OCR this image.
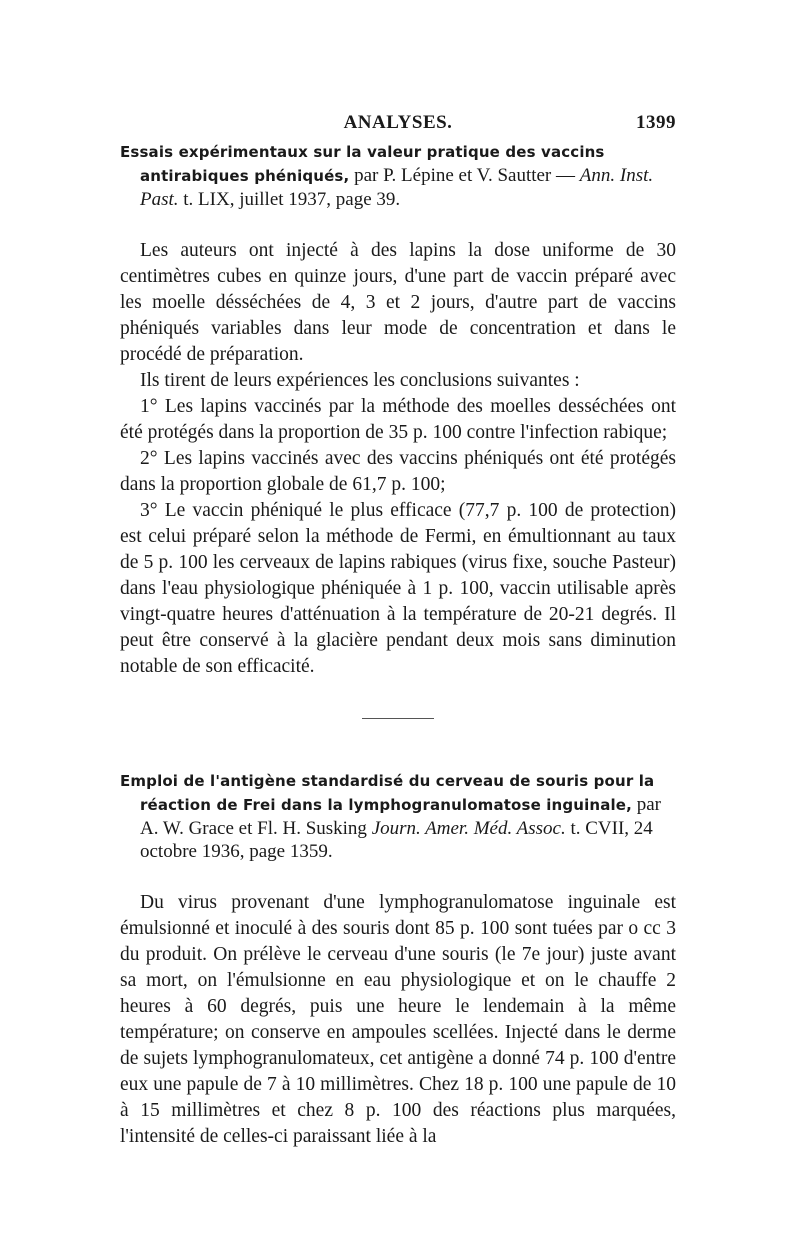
ANALYSES.	1399

Essais expérimentaux sur la valeur pratique des vaccins antirabiques phéniqués, par P. Lépine et V. Sautter — Ann. Inst. Past. t. LIX, juillet 1937, page 39.

Les auteurs ont injecté à des lapins la dose uniforme de 30 centimètres cubes en quinze jours, d'une part de vaccin préparé avec les moelle désséchées de 4, 3 et 2 jours, d'autre part de vaccins phéniqués variables dans leur mode de concentration et dans le procédé de préparation.

Ils tirent de leurs expériences les conclusions suivantes :

1° Les lapins vaccinés par la méthode des moelles desséchées ont été protégés dans la proportion de 35 p. 100 contre l'infection rabique;

2° Les lapins vaccinés avec des vaccins phéniqués ont été protégés dans la proportion globale de 61,7 p. 100;

3° Le vaccin phéniqué le plus efficace (77,7 p. 100 de protection) est celui préparé selon la méthode de Fermi, en émultionnant au taux de 5 p. 100 les cerveaux de lapins rabiques (virus fixe, souche Pasteur) dans l'eau physiologique phéniquée à 1 p. 100, vaccin utilisable après vingt-quatre heures d'atténuation à la température de 20-21 degrés. Il peut être conservé à la glacière pendant deux mois sans diminution notable de son efficacité.

Emploi de l'antigène standardisé du cerveau de souris pour la réaction de Frei dans la lymphogranulomatose inguinale, par A. W. Grace et Fl. H. Susking Journ. Amer. Méd. Assoc. t. CVII, 24 octobre 1936, page 1359.

Du virus provenant d'une lymphogranulomatose inguinale est émulsionné et inoculé à des souris dont 85 p. 100 sont tuées par o cc 3 du produit. On prélève le cerveau d'une souris (le 7e jour) juste avant sa mort, on l'émulsionne en eau physiologique et on le chauffe 2 heures à 60 degrés, puis une heure le lendemain à la même température; on conserve en ampoules scellées. Injecté dans le derme de sujets lymphogranulomateux, cet antigène a donné 74 p. 100 d'entre eux une papule de 7 à 10 millimètres. Chez 18 p. 100 une papule de 10 à 15 millimètres et chez 8 p. 100 des réactions plus marquées, l'intensité de celles-ci paraissant liée à la
